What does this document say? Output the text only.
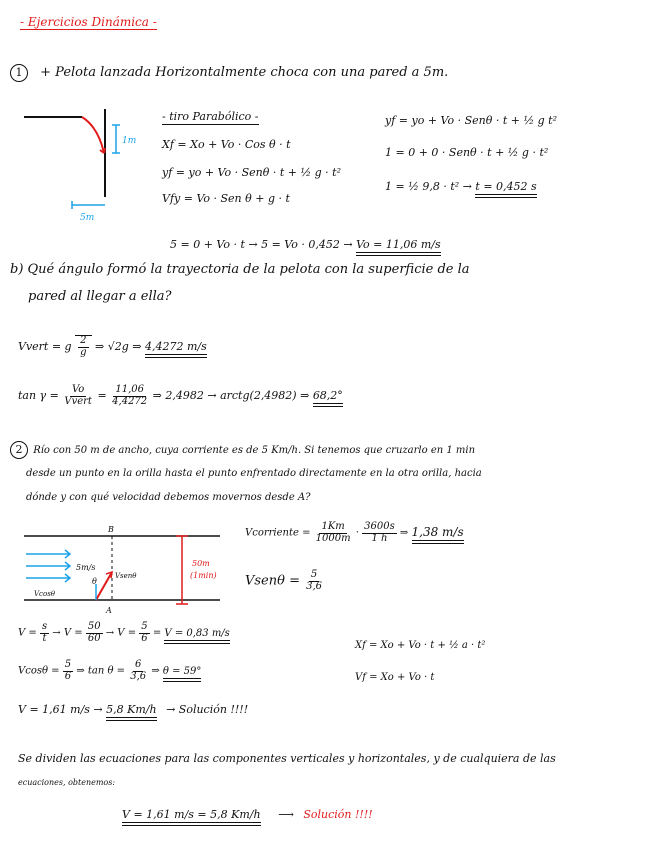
- Ejercicios Dinámica -
1 + Pelota lanzada Horizontalmente choca con una pared a 5m.
1m
5m
- tiro Parabólico -
Xf = Xo + Vo · Cos θ · t
yf = yo + Vo · Senθ · t + ½ g · t²
Vfy = Vo · Sen θ + g · t
yf = yo + Vo · Senθ · t + ½ g t²
1 = 0 + 0 · Senθ · t + ½ g · t²
1 = ½ 9,8 · t² → t = 0,452 s
5 = 0 + Vo · t → 5 = Vo · 0,452 → Vo = 11,06 m/s
b) Qué ángulo formó la trayectoria de la pelota con la superficie de la
pared al llegar a ella?
Vvert = g $\frac{2}{g}$ ⇒ √2g ⇒ 4,4272 m/s
$\tan \gamma = \frac{Vo}{\text{Vvert}} = \frac{11,06}{4,4272}$ ⇒ 2,4982 → arctg(2,4982) ⇒ 68,2°
2 Río con 50 m de ancho, cuya corriente es de 5 Km/h. Si tenemos que cruzarlo en 1 min
desde un punto en la orilla hasta el punto enfrentado directamente en la otra orilla, hacia
dónde y con qué velocidad debemos movernos desde A?
B
5m/s
θ
Vsenθ
Vcosθ
A
50m
(1min)
Vcorriente = $\frac{1Km}{1000m} \cdot \frac{3600s}{1 h}$ ⇒ 1,38 m/s
Vsenθ = $\frac{5}{3,6}$
$V = \frac{s}{t} \to V = \frac{50}{60} \to V = \frac{5}{6} = V = 0,83$ m/s
Xf = Xo + Vo · t + ½ a · t²
$Vcos\theta = \frac{5}{6}$ ⇒ $\tan \theta = \frac{6}{3,6}$ ⇒ θ = 59°
Vf = Xo + Vo · t
V = 1,61 m/s → 5,8 Km/h → Solución !!!!
Se dividen las ecuaciones para las componentes verticales y horizontales, y de cualquiera de las
ecuaciones, obtenemos:
V = 1,61 m/s = 5,8 Km/h ⟶ Solución !!!!
